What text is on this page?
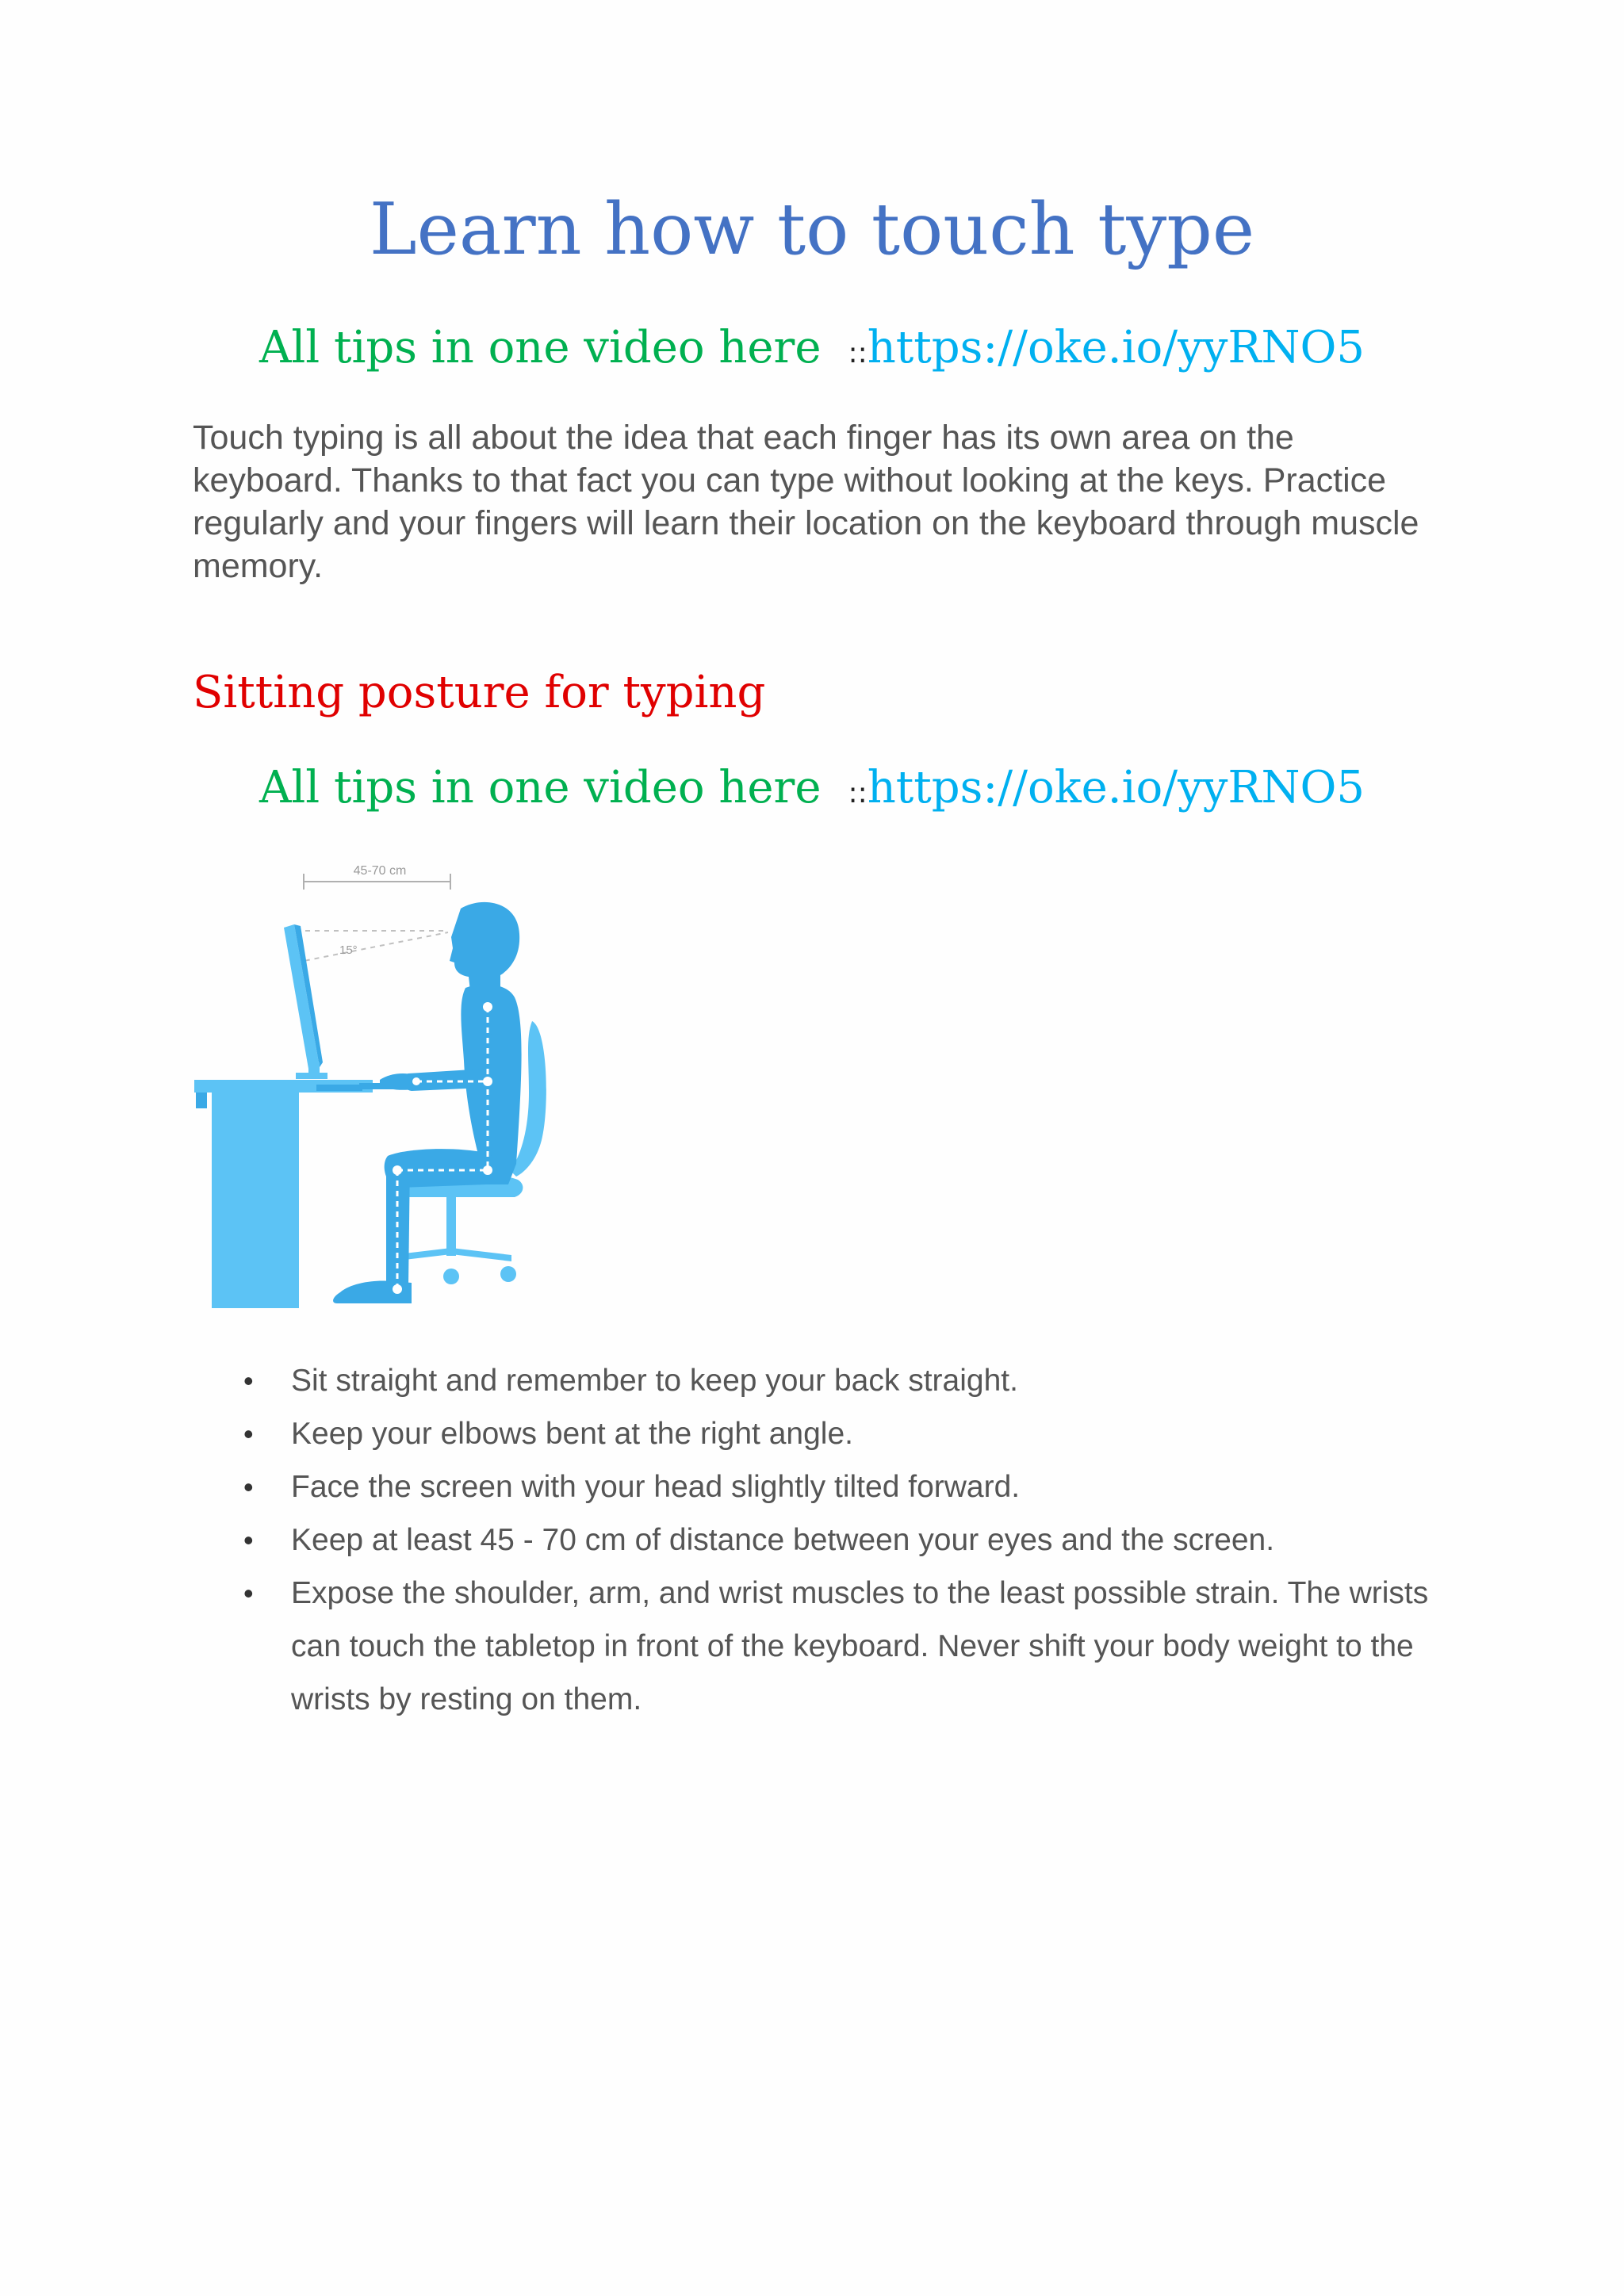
Learn how to touch type
All tips in one video here ::https://oke.io/yyRNO5

Touch typing is all about the idea that each finger has its own area on the keyboard. Thanks to that fact you can type without looking at the keys. Practice regularly and your fingers will learn their location on the keyboard through muscle memory.

Sitting posture for typing
All tips in one video here ::https://oke.io/yyRNO5
45-70 cm
15°
• Sit straight and remember to keep your back straight.
• Keep your elbows bent at the right angle.
• Face the screen with your head slightly tilted forward.
• Keep at least 45 - 70 cm of distance between your eyes and the screen.
• Expose the shoulder, arm, and wrist muscles to the least possible strain. The wrists can touch the tabletop in front of the keyboard. Never shift your body weight to the wrists by resting on them.
